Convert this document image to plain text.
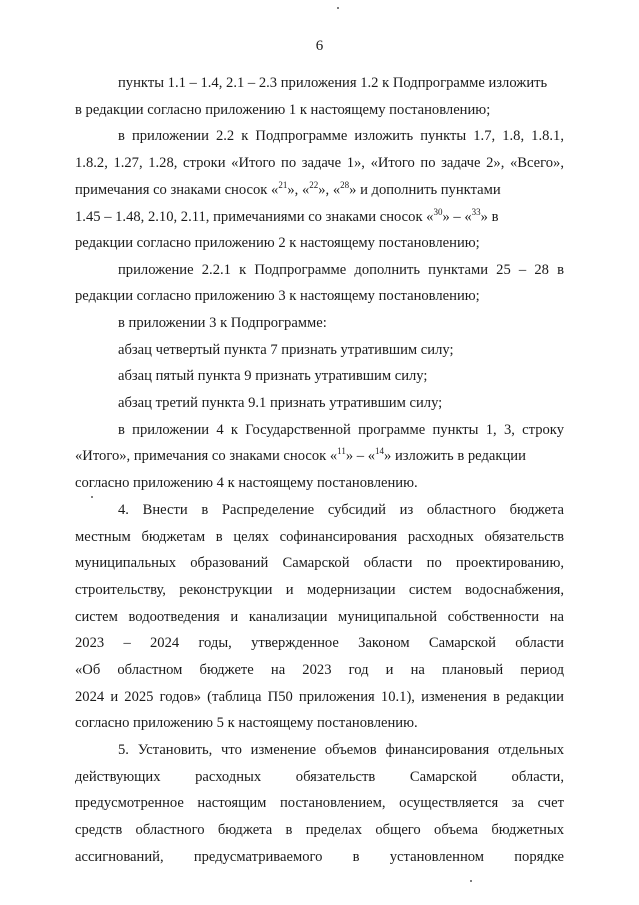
6
пункты 1.1 – 1.4, 2.1 – 2.3 приложения 1.2 к Подпрограмме изложить
в редакции согласно приложению 1 к настоящему постановлению;
в приложении 2.2 к Подпрограмме изложить пункты 1.7, 1.8, 1.8.1,
1.8.2, 1.27, 1.28, строки «Итого по задаче 1», «Итого по задаче 2», «Всего»,
примечания со знаками сносок «$^{21}$», «$^{22}$», «$^{28}$» и дополнить пунктами
1.45 – 1.48, 2.10, 2.11, примечаниями со знаками сносок «$^{30}$» – «$^{33}$» в
редакции согласно приложению 2 к настоящему постановлению;
приложение 2.2.1 к Подпрограмме дополнить пунктами 25 – 28 в
редакции согласно приложению 3 к настоящему постановлению;
в приложении 3 к Подпрограмме:
абзац четвертый пункта 7 признать утратившим силу;
абзац пятый пункта 9 признать утратившим силу;
абзац третий пункта 9.1 признать утратившим силу;
в приложении 4 к Государственной программе пункты 1, 3, строку
«Итого», примечания со знаками сносок «$^{11}$» – «$^{14}$» изложить в редакции
согласно приложению 4 к настоящему постановлению.
4. Внести в Распределение субсидий из областного бюджета
местным бюджетам в целях софинансирования расходных обязательств
муниципальных образований Самарской области по проектированию,
строительству, реконструкции и модернизации систем водоснабжения,
систем водоотведения и канализации муниципальной собственности на
2023 – 2024 годы, утвержденное Законом Самарской области
«Об областном бюджете на 2023 год и на плановый период
2024 и 2025 годов» (таблица П50 приложения 10.1), изменения в редакции
согласно приложению 5 к настоящему постановлению.
5. Установить, что изменение объемов финансирования отдельных
действующих расходных обязательств Самарской области,
предусмотренное настоящим постановлением, осуществляется за счет
средств областного бюджета в пределах общего объема бюджетных
ассигнований, предусматриваемого в установленном порядке
